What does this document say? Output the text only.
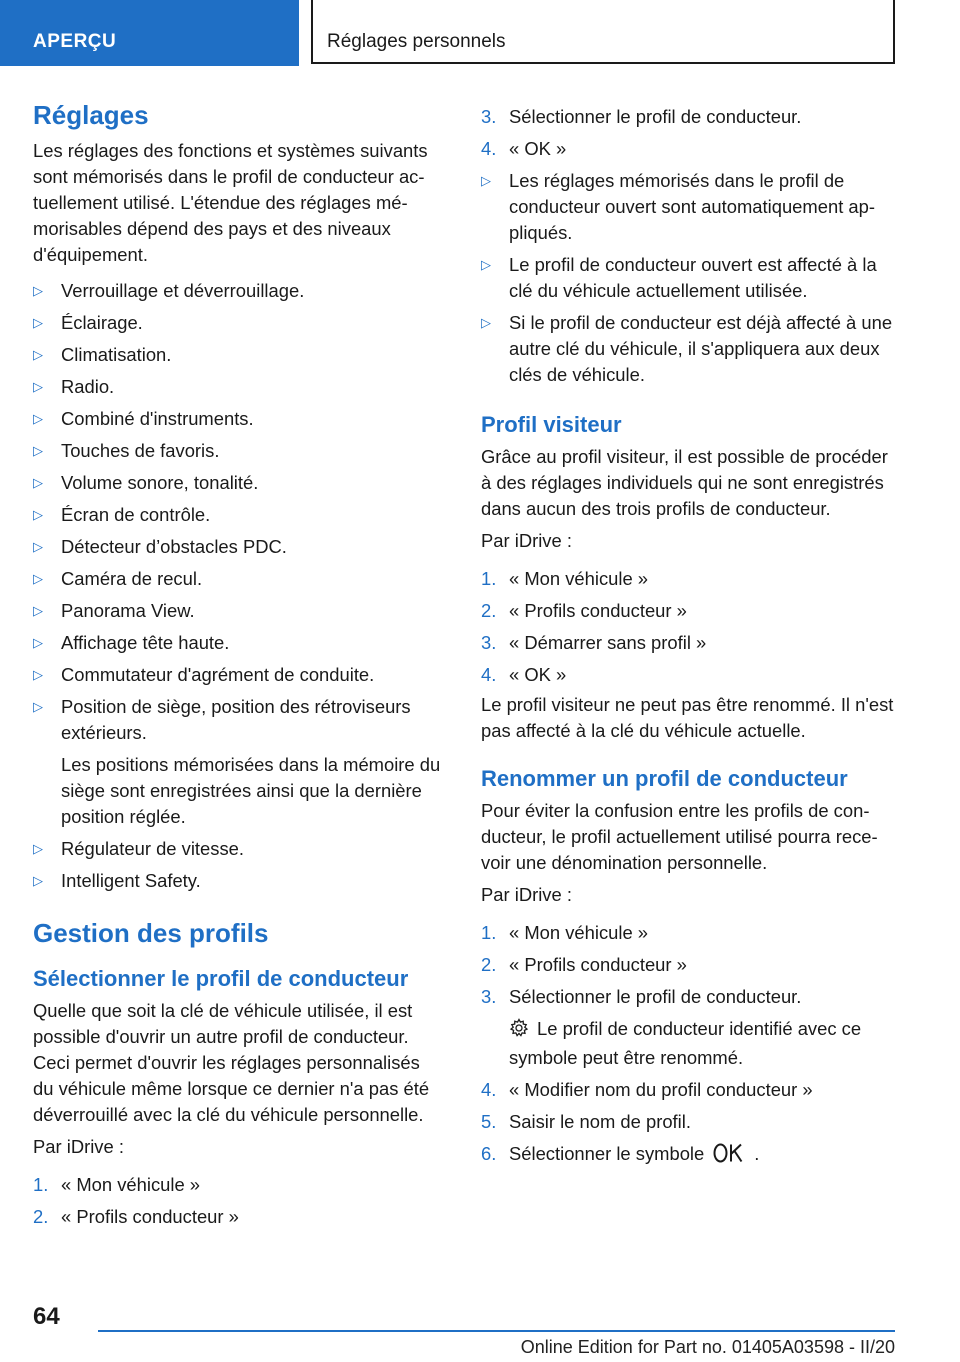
APERÇU	Réglages personnels
Réglages

Les réglages des fonctions et systèmes suivants sont mémorisés dans le profil de conducteur actuellement utilisé. L'étendue des réglages mémorisables dépend des pays et des niveaux d'équipement.

▷ Verrouillage et déverrouillage.
▷ Éclairage.
▷ Climatisation.
▷ Radio.
▷ Combiné d'instruments.
▷ Touches de favoris.
▷ Volume sonore, tonalité.
▷ Écran de contrôle.
▷ Détecteur d’obstacles PDC.
▷ Caméra de recul.
▷ Panorama View.
▷ Affichage tête haute.
▷ Commutateur d'agrément de conduite.
▷ Position de siège, position des rétroviseurs extérieurs.
Les positions mémorisées dans la mémoire du siège sont enregistrées ainsi que la dernière position réglée.
▷ Régulateur de vitesse.
▷ Intelligent Safety.
Gestion des profils
Sélectionner le profil de conducteur

Quelle que soit la clé de véhicule utilisée, il est possible d'ouvrir un autre profil de conducteur. Ceci permet d'ouvrir les réglages personnalisés du véhicule même lorsque ce dernier n'a pas été déverrouillé avec la clé du véhicule personnelle.

Par iDrive :

1. « Mon véhicule »
2. « Profils conducteur »
3. Sélectionner le profil de conducteur.
4. « OK »
▷ Les réglages mémorisés dans le profil de conducteur ouvert sont automatiquement appliqués.
▷ Le profil de conducteur ouvert est affecté à la clé du véhicule actuellement utilisée.
▷ Si le profil de conducteur est déjà affecté à une autre clé du véhicule, il s'appliquera aux deux clés de véhicule.
Profil visiteur

Grâce au profil visiteur, il est possible de procéder à des réglages individuels qui ne sont enregistrés dans aucun des trois profils de conducteur.

Par iDrive :

1. « Mon véhicule »
2. « Profils conducteur »
3. « Démarrer sans profil »
4. « OK »

Le profil visiteur ne peut pas être renommé. Il n'est pas affecté à la clé du véhicule actuelle.

Renommer un profil de conducteur

Pour éviter la confusion entre les profils de conducteur, le profil actuellement utilisé pourra recevoir une dénomination personnelle.

Par iDrive :

1. « Mon véhicule »
2. « Profils conducteur »
3. Sélectionner le profil de conducteur.
Le profil de conducteur identifié avec ce symbole peut être renommé.
4. « Modifier nom du profil conducteur »
5. Saisir le nom de profil.
6. Sélectionner le symbole	.
64
Online Edition for Part no. 01405A03598 - II/20
